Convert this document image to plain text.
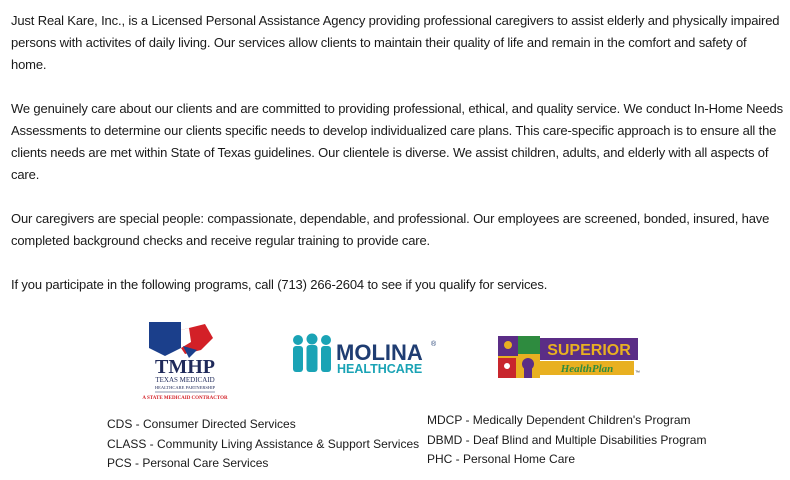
Just Real Kare, Inc., is a Licensed Personal Assistance Agency providing professional caregivers to assist elderly and physically impaired persons with activites of daily living. Our services allow clients to maintain their quality of life and remain in the comfort and safety of home.

We genuinely care about our clients and are committed to providing professional, ethical, and quality service. We conduct In-Home Needs Assessments to determine our clients specific needs to develop individualized care plans. This care-specific approach is to ensure all the clients needs are met within State of Texas guidelines. Our clientele is diverse. We assist children, adults, and elderly with all aspects of care.

Our caregivers are special people: compassionate, dependable, and professional. Our employees are screened, bonded, insured, have completed background checks and receive regular training to provide care.

If you participate in the following programs, call (713) 266-2604 to see if you qualify for services.

TMHP
TEXAS MEDICAID
HEALTHCARE PARTNERSHIP
A STATE MEDICAID CONTRACTOR
MOLINA ®
HEALTHCARE
SUPERIOR
HealthPlan	™
CDS - Consumer Directed Services
CLASS - Community Living Assistance & Support Services
PCS - Personal Care Services
MDCP - Medically Dependent Children's Program
DBMD - Deaf Blind and Multiple Disabilities Program
PHC - Personal Home Care
